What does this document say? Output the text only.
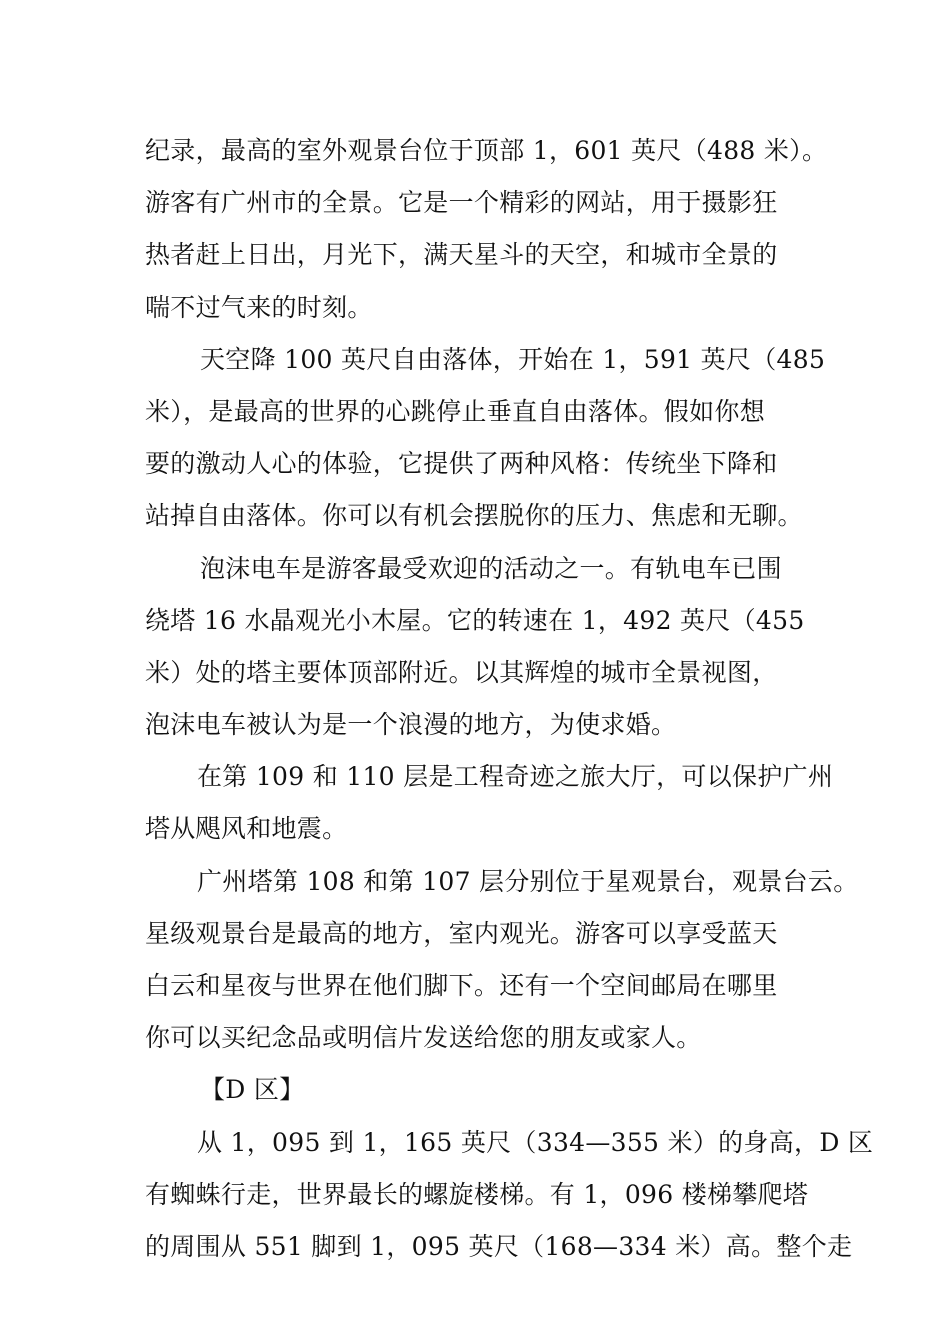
纪录，最高的室外观景台位于顶部 1，601 英尺（488 米）。
游客有广州市的全景。它是一个精彩的网站，用于摄影狂
热者赶上日出，月光下，满天星斗的天空，和城市全景的
喘不过气来的时刻。
天空降 100 英尺自由落体，开始在 1，591 英尺（485
米），是最高的世界的心跳停止垂直自由落体。假如你想
要的激动人心的体验，它提供了两种风格：传统坐下降和
站掉自由落体。你可以有机会摆脱你的压力、焦虑和无聊。
泡沫电车是游客最受欢迎的活动之一。有轨电车已围
绕塔 16 水晶观光小木屋。它的转速在 1，492 英尺（455
米）处的塔主要体顶部附近。以其辉煌的城市全景视图，
泡沫电车被认为是一个浪漫的地方，为使求婚。
在第 109 和 110 层是工程奇迹之旅大厅，可以保护广州
塔从飓风和地震。
广州塔第 108 和第 107 层分别位于星观景台，观景台云。
星级观景台是最高的地方，室内观光。游客可以享受蓝天
白云和星夜与世界在他们脚下。还有一个空间邮局在哪里
你可以买纪念品或明信片发送给您的朋友或家人。
【D 区】
从 1，095 到 1，165 英尺（334—355 米）的身高，D 区
有蜘蛛行走，世界最长的螺旋楼梯。有 1，096 楼梯攀爬塔
的周围从 551 脚到 1，095 英尺（168—334 米）高。整个走
